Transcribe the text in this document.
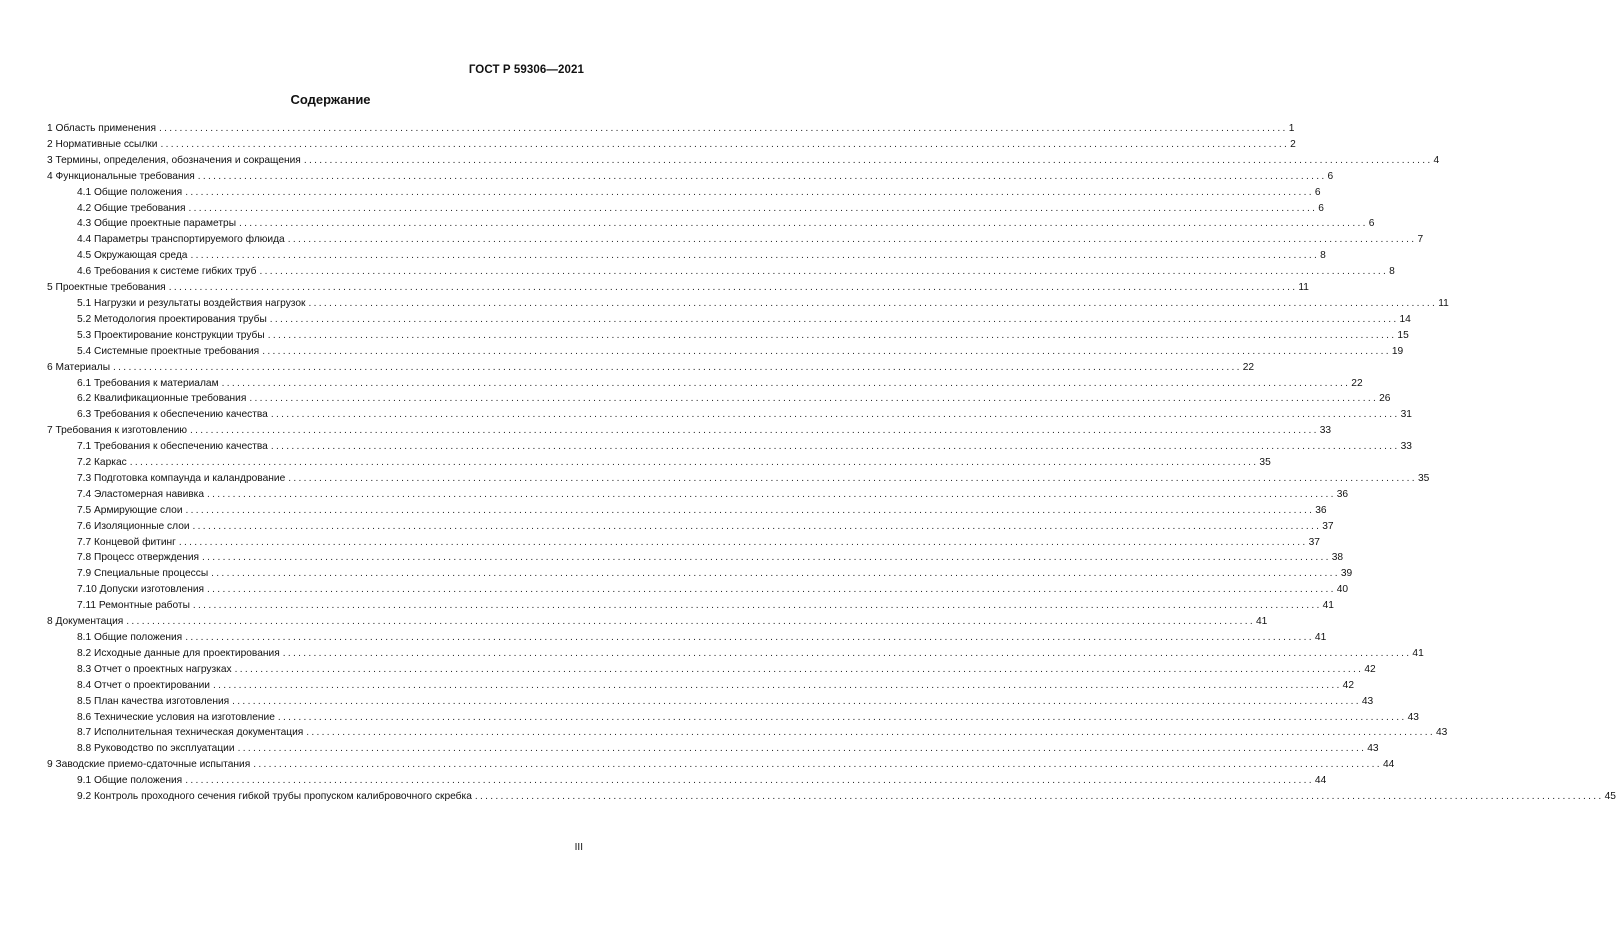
ГОСТ Р 59306—2021
Содержание
1 Область применения ............................................................................................................................................................................................................................ 1
2 Нормативные ссылки ............................................................................................................................................................................................................................ 2
3 Термины, определения, обозначения и сокращения ............................................................................................................................................................................................................................ 4
4 Функциональные требования ............................................................................................................................................................................................................................ 6
4.1 Общие положения ............................................................................................................................................................................................................................ 6
4.2 Общие требования ............................................................................................................................................................................................................................ 6
4.3 Общие проектные параметры ............................................................................................................................................................................................................................ 6
4.4 Параметры транспортируемого флюида ............................................................................................................................................................................................................................ 7
4.5 Окружающая среда ............................................................................................................................................................................................................................ 8
4.6 Требования к системе гибких труб ............................................................................................................................................................................................................................ 8
5 Проектные требования ............................................................................................................................................................................................................................ 11
5.1 Нагрузки и результаты воздействия нагрузок ............................................................................................................................................................................................................................ 11
5.2 Методология проектирования трубы ............................................................................................................................................................................................................................ 14
5.3 Проектирование конструкции трубы ............................................................................................................................................................................................................................ 15
5.4 Системные проектные требования ............................................................................................................................................................................................................................ 19
6 Материалы ............................................................................................................................................................................................................................ 22
6.1 Требования к материалам ............................................................................................................................................................................................................................ 22
6.2 Квалификационные требования ............................................................................................................................................................................................................................ 26
6.3 Требования к обеспечению качества ............................................................................................................................................................................................................................ 31
7 Требования к изготовлению ............................................................................................................................................................................................................................ 33
7.1 Требования к обеспечению качества ............................................................................................................................................................................................................................ 33
7.2 Каркас ............................................................................................................................................................................................................................ 35
7.3 Подготовка компаунда и каландрование ............................................................................................................................................................................................................................ 35
7.4 Эластомерная навивка ............................................................................................................................................................................................................................ 36
7.5 Армирующие слои ............................................................................................................................................................................................................................ 36
7.6 Изоляционные слои ............................................................................................................................................................................................................................ 37
7.7 Концевой фитинг ............................................................................................................................................................................................................................ 37
7.8 Процесс отверждения ............................................................................................................................................................................................................................ 38
7.9 Специальные процессы ............................................................................................................................................................................................................................ 39
7.10 Допуски изготовления ............................................................................................................................................................................................................................ 40
7.11 Ремонтные работы ............................................................................................................................................................................................................................ 41
8 Документация ............................................................................................................................................................................................................................ 41
8.1 Общие положения ............................................................................................................................................................................................................................ 41
8.2 Исходные данные для проектирования ............................................................................................................................................................................................................................ 41
8.3 Отчет о проектных нагрузках ............................................................................................................................................................................................................................ 42
8.4 Отчет о проектировании ............................................................................................................................................................................................................................ 42
8.5 План качества изготовления ............................................................................................................................................................................................................................ 43
8.6 Технические условия на изготовление ............................................................................................................................................................................................................................ 43
8.7 Исполнительная техническая документация ............................................................................................................................................................................................................................ 43
8.8 Руководство по эксплуатации ............................................................................................................................................................................................................................ 43
9 Заводские приемо-сдаточные испытания ............................................................................................................................................................................................................................ 44
9.1 Общие положения ............................................................................................................................................................................................................................ 44
9.2 Контроль проходного сечения гибкой трубы пропуском калибровочного скребка ............................................................................................................................................................................................................................ 45
III
